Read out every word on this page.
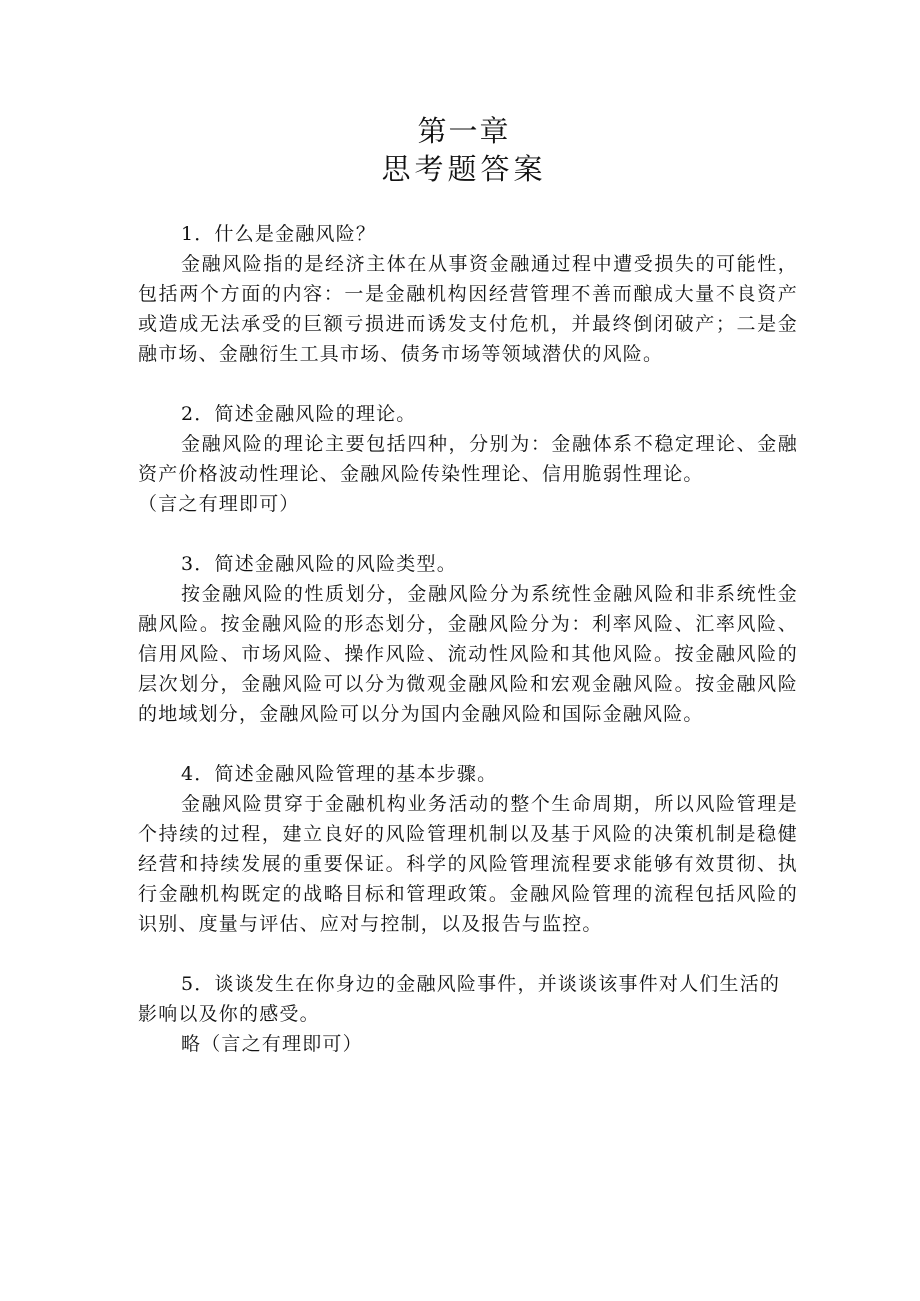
第一章
思考题答案

1．什么是金融风险？

金融风险指的是经济主体在从事资金融通过程中遭受损失的可能性，包括两个方面的内容：一是金融机构因经营管理不善而酿成大量不良资产或造成无法承受的巨额亏损进而诱发支付危机，并最终倒闭破产；二是金融市场、金融衍生工具市场、债务市场等领域潜伏的风险。

2．简述金融风险的理论。

金融风险的理论主要包括四种，分别为：金融体系不稳定理论、金融资产价格波动性理论、金融风险传染性理论、信用脆弱性理论。
（言之有理即可）

3．简述金融风险的风险类型。

按金融风险的性质划分，金融风险分为系统性金融风险和非系统性金融风险。按金融风险的形态划分，金融风险分为：利率风险、汇率风险、信用风险、市场风险、操作风险、流动性风险和其他风险。按金融风险的层次划分，金融风险可以分为微观金融风险和宏观金融风险。按金融风险的地域划分，金融风险可以分为国内金融风险和国际金融风险。

4．简述金融风险管理的基本步骤。

金融风险贯穿于金融机构业务活动的整个生命周期，所以风险管理是个持续的过程，建立良好的风险管理机制以及基于风险的决策机制是稳健经营和持续发展的重要保证。科学的风险管理流程要求能够有效贯彻、执行金融机构既定的战略目标和管理政策。金融风险管理的流程包括风险的识别、度量与评估、应对与控制，以及报告与监控。

5．谈谈发生在你身边的金融风险事件，并谈谈该事件对人们生活的影响以及你的感受。

略（言之有理即可）
